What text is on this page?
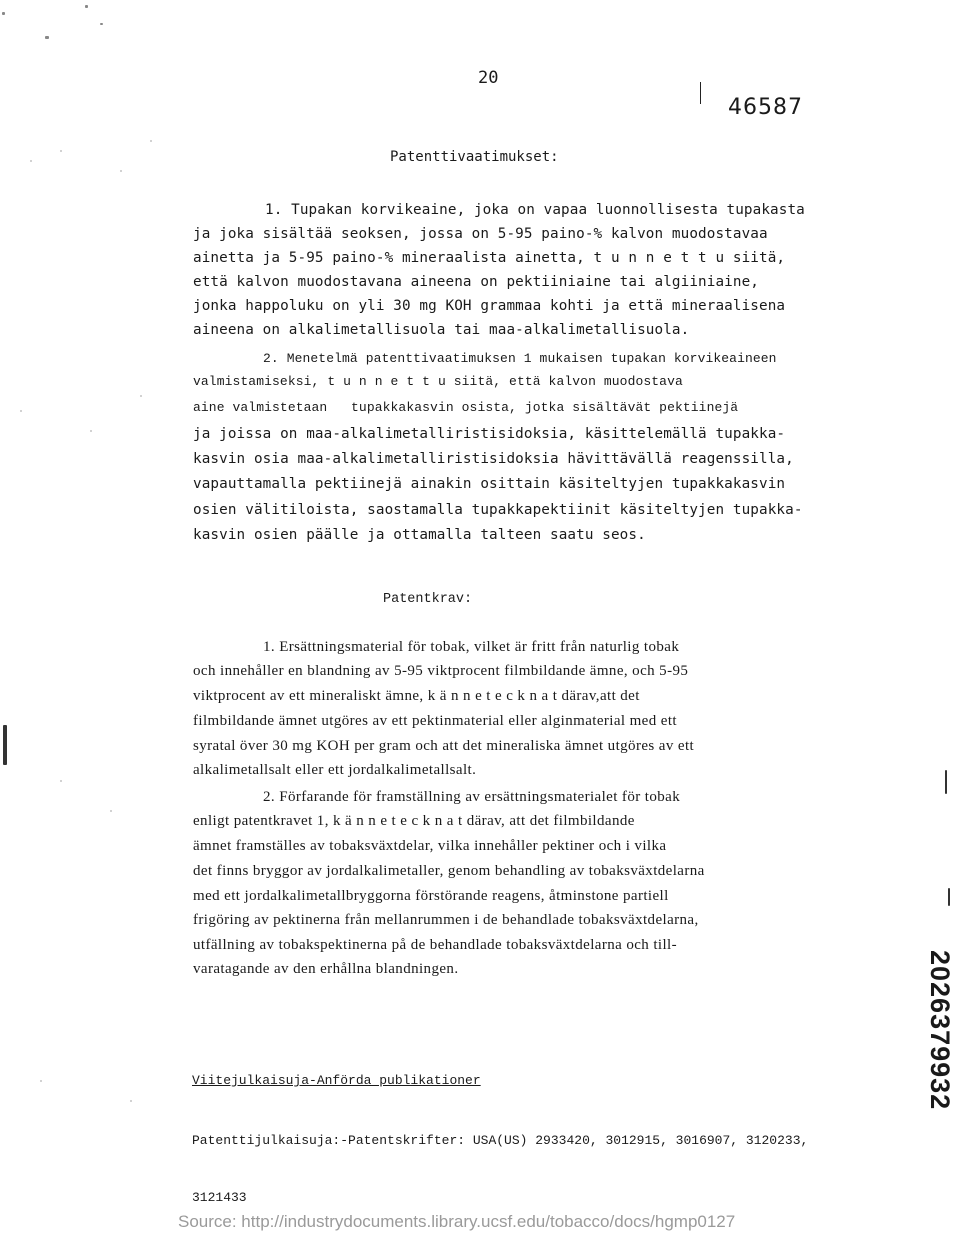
20
46587
Patenttivaatimukset:
1. Tupakan korvikeaine, joka on vapaa luonnollisesta tupakasta
ja joka sisältää seoksen, jossa on 5-95 paino-% kalvon muodostavaa
ainetta ja 5-95 paino-% mineraalista ainetta, t u n n e t t u siitä,
että kalvon muodostavana aineena on pektiiniaine tai algiiniaine,
jonka happoluku on yli 30 mg KOH grammaa kohti ja että mineraalisena
aineena on alkalimetallisuola tai maa-alkalimetallisuola.
2. Menetelmä patenttivaatimuksen 1 mukaisen tupakan korvikeaineen
valmistamiseksi, t u n n e t t u siitä, että kalvon muodostava
aine valmistetaan   tupakkakasvin osista, jotka sisältävät pektiinejä
ja joissa on maa-alkalimetalliristisidoksia, käsittelemällä tupakka-
kasvin osia maa-alkalimetalliristisidoksia hävittävällä reagenssilla,
vapauttamalla pektiinejä ainakin osittain käsiteltyjen tupakkakasvin
osien välitiloista, saostamalla tupakkapektiinit käsiteltyjen tupakka-
kasvin osien päälle ja ottamalla talteen saatu seos.
Patentkrav:
1. Ersättningsmaterial för tobak, vilket är fritt från naturlig tobak
och innehåller en blandning av 5-95 viktprocent filmbildande ämne, och 5-95
viktprocent av ett mineraliskt ämne, k ä n n e t e c k n a t därav,att det
filmbildande ämnet utgöres av ett pektinmaterial eller alginmaterial med ett
syratal över 30 mg KOH per gram och att det mineraliska ämnet utgöres av ett
alkalimetallsalt eller ett jordalkalimetallsalt.
2. Förfarande för framställning av ersättningsmaterialet för tobak
enligt patentkravet 1, k ä n n e t e c k n a t därav, att det filmbildande
ämnet framställes av tobaksväxtdelar, vilka innehåller pektiner och i vilka
det finns bryggor av jordalkalimetaller, genom behandling av tobaksväxtdelarna
med ett jordalkalimetallbryggorna förstörande reagens, åtminstone partiell
frigöring av pektinerna från mellanrummen i de behandlade tobaksväxtdelarna,
utfällning av tobakspektinerna på de behandlade tobaksväxtdelarna och till-
varatagande av den erhållna blandningen.

Viitejulkaisuja-Anförda publikationer

Patenttijulkaisuja:-Patentskrifter: USA(US) 2933420, 3012915, 3016907, 3120233,

3121433

2026379932
Source: http://industrydocuments.library.ucsf.edu/tobacco/docs/hgmp0127
